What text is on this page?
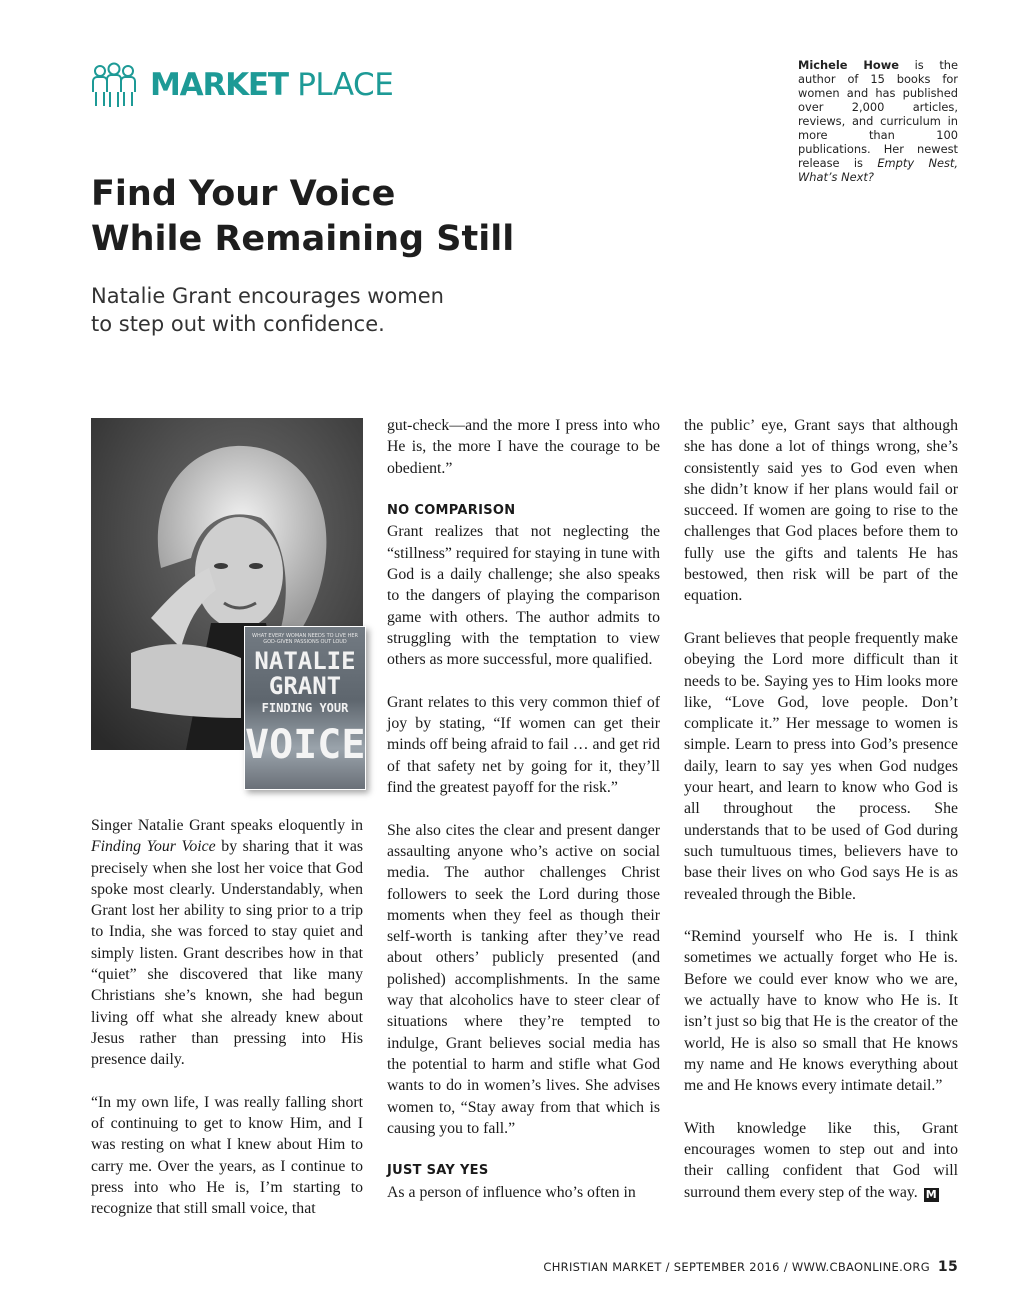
MARKET PLACE
Michele Howe is the author of 15 books for women and has published over 2,000 articles, reviews, and curriculum in more than 100 publications. Her newest release is Empty Nest, What’s Next?
Find Your Voice
While Remaining Still
Natalie Grant encourages women
to step out with confidence.
WHAT EVERY WOMAN NEEDS TO LIVE HER GOD-GIVEN PASSIONS OUT LOUD
NATALIE
GRANT
FINDING YOUR
VOICE

Singer Natalie Grant speaks eloquently in Finding Your Voice by sharing that it was precisely when she lost her voice that God spoke most clearly. Understandably, when Grant lost her ability to sing prior to a trip to India, she was forced to stay quiet and simply listen. Grant describes how in that “quiet” she discovered that like many Christians she’s known, she had begun living off what she already knew about Jesus rather than pressing into His presence daily.

“In my own life, I was really falling short of continuing to get to know Him, and I was resting on what I knew about Him to carry me. Over the years, as I continue to press into who He is, I’m starting to recognize that still small voice, that

gut-check—and the more I press into who He is, the more I have the courage to be obedient.”

NO COMPARISON

Grant realizes that not neglecting the “stillness” required for staying in tune with God is a daily challenge; she also speaks to the dangers of playing the comparison game with others. The author admits to struggling with the temptation to view others as more successful, more qualified.

Grant relates to this very common thief of joy by stating, “If women can get their minds off being afraid to fail … and get rid of that safety net by going for it, they’ll find the greatest payoff for the risk.”

She also cites the clear and present danger assaulting anyone who’s active on social media. The author challenges Christ followers to seek the Lord during those moments when they feel as though their self-worth is tanking after they’ve read about others’ publicly presented (and polished) accomplishments. In the same way that alcoholics have to steer clear of situations where they’re tempted to indulge, Grant believes social media has the potential to harm and stifle what God wants to do in women’s lives. She advises women to, “Stay away from that which is causing you to fall.”

JUST SAY YES

As a person of influence who’s often in

the public’ eye, Grant says that although she has done a lot of things wrong, she’s consistently said yes to God even when she didn’t know if her plans would fail or succeed. If women are going to rise to the challenges that God places before them to fully use the gifts and talents He has bestowed, then risk will be part of the equation.

Grant believes that people frequently make obeying the Lord more difficult than it needs to be. Saying yes to Him looks more like, “Love God, love people. Don’t complicate it.” Her message to women is simple. Learn to press into God’s presence daily, learn to say yes when God nudges your heart, and learn to know who God is all throughout the process. She understands that to be used of God during such tumultuous times, believers have to base their lives on who God says He is as revealed through the Bible.

“Remind yourself who He is. I think sometimes we actually forget who He is. Before we could ever know who we are, we actually have to know who He is. It isn’t just so big that He is the creator of the world, He is also so small that He knows my name and He knows everything about me and He knows every intimate detail.”

With knowledge like this, Grant encourages women to step out and into their calling confident that God will surround them every step of the way. M

CHRISTIAN MARKET / SEPTEMBER 2016 / WWW.CBAONLINE.ORG 15
